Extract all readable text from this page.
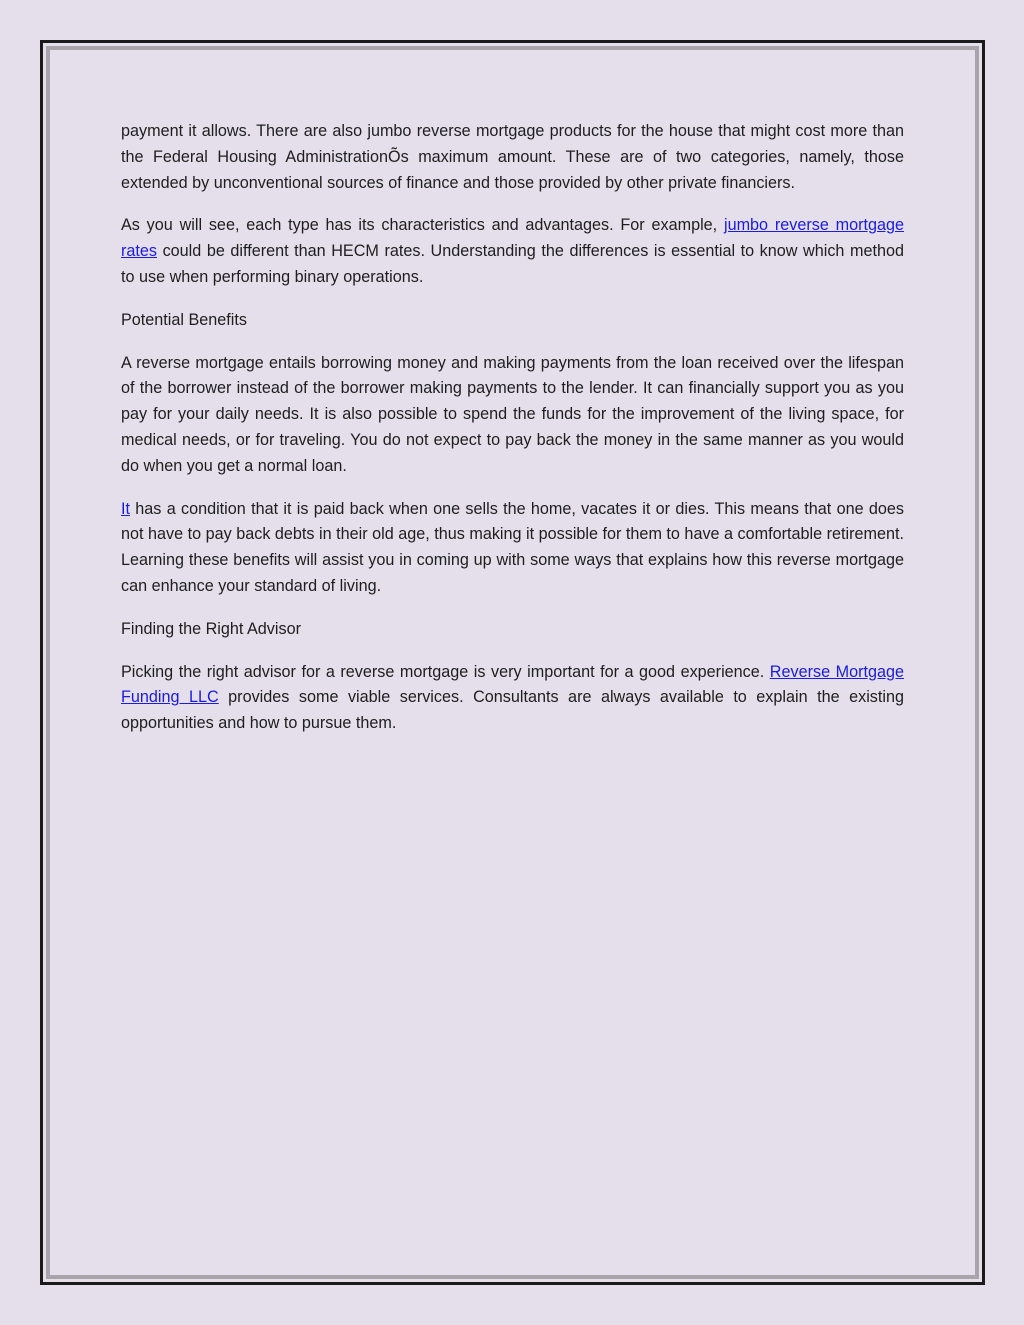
payment it allows. There are also jumbo reverse mortgage products for the house that might cost more than the Federal Housing AdministrationÕs maximum amount. These are of two categories, namely, those extended by unconventional sources of finance and those provided by other private financiers.

As you will see, each type has its characteristics and advantages. For example, jumbo reverse mortgage rates could be different than HECM rates. Understanding the differences is essential to know which method to use when performing binary operations.

Potential Benefits

A reverse mortgage entails borrowing money and making payments from the loan received over the lifespan of the borrower instead of the borrower making payments to the lender. It can financially support you as you pay for your daily needs. It is also possible to spend the funds for the improvement of the living space, for medical needs, or for traveling. You do not expect to pay back the money in the same manner as you would do when you get a normal loan.

It has a condition that it is paid back when one sells the home, vacates it or dies. This means that one does not have to pay back debts in their old age, thus making it possible for them to have a comfortable retirement. Learning these benefits will assist you in coming up with some ways that explains how this reverse mortgage can enhance your standard of living.

Finding the Right Advisor

Picking the right advisor for a reverse mortgage is very important for a good experience. Reverse Mortgage Funding LLC provides some viable services. Consultants are always available to explain the existing opportunities and how to pursue them.
